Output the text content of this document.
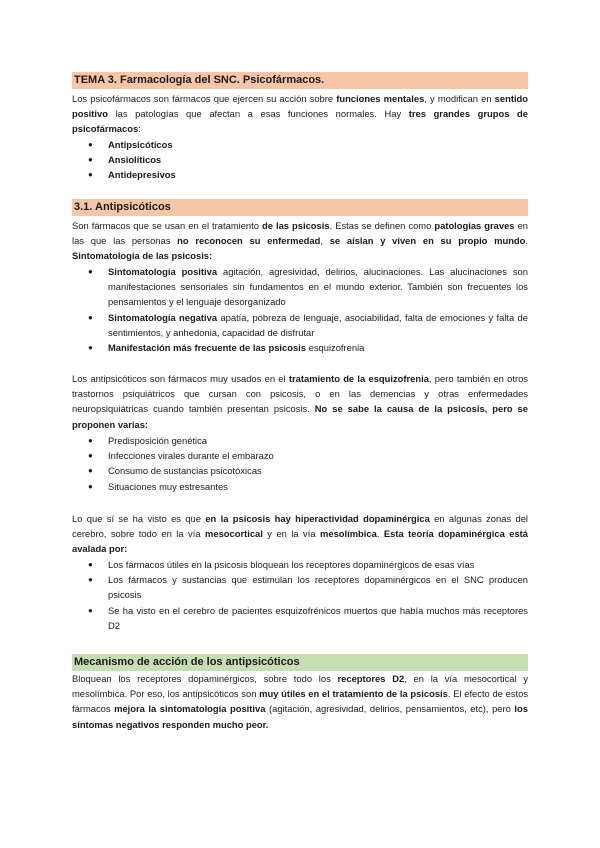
TEMA 3. Farmacología del SNC. Psicofármacos.
Los psicofármacos son fármacos que ejercen su acción sobre funciones mentales, y modifican en sentido positivo las patologías que afectan a esas funciones normales. Hay tres grandes grupos de psicofármacos:
● Antipsicóticos
● Ansiolíticos
● Antidepresivos
3.1. Antipsicóticos
Son fármacos que se usan en el tratamiento de las psicosis. Estas se definen como patologías graves en las que las personas no reconocen su enfermedad, se aíslan y viven en su propio mundo. Sintomatología de las psicosis:
● Sintomatología positiva agitación, agresividad, delirios, alucinaciones. Las alucinaciones son manifestaciones sensoriales sin fundamentos en el mundo exterior. También son frecuentes los pensamientos y el lenguaje desorganizado
● Sintomatología negativa apatía, pobreza de lenguaje, asociabilidad, falta de emociones y falta de sentimientos, y anhedonia, capacidad de disfrutar
● Manifestación más frecuente de las psicosis esquizofrenia
Los antipsicóticos son fármacos muy usados en el tratamiento de la esquizofrenia, pero también en otros trastornos psiquiátricos que cursan con psicosis, o en las demencias y otras enfermedades neuropsiquiátricas cuando también presentan psicosis. No se sabe la causa de la psicosis, pero se proponen varias:
● Predisposición genética
● Infecciones virales durante el embarazo
● Consumo de sustancias psicotóxicas
● Situaciones muy estresantes
Lo que sí se ha visto es que en la psicosis hay hiperactividad dopaminérgica en algunas zonas del cerebro, sobre todo en la vía mesocortical y en la vía mesolímbica. Esta teoría dopaminérgica está avalada por:
● Los fármacos útiles en la psicosis bloquean los receptores dopaminérgicos de esas vías
● Los fármacos y sustancias que estimulan los receptores dopaminérgicos en el SNC producen psicosis
● Se ha visto en el cerebro de pacientes esquizofrénicos muertos que había muchos más receptores D2
Mecanismo de acción de los antipsicóticos
Bloquean los receptores dopaminérgicos, sobre todo los receptores D2, en la vía mesocortical y mesolímbica. Por eso, los antipsicóticos son muy útiles en el tratamiento de la psicosis. El efecto de estos fármacos mejora la sintomatología positiva (agitación, agresividad, delirios, pensamientos, etc), pero los síntomas negativos responden mucho peor.
